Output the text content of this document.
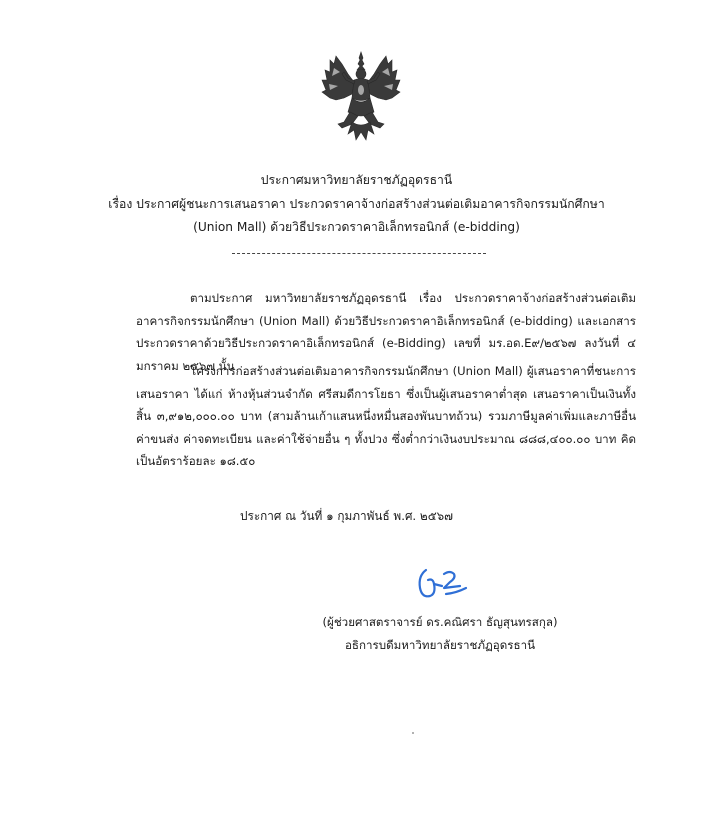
ประกาศมหาวิทยาลัยราชภัฏอุดรธานี
เรื่อง ประกาศผู้ชนะการเสนอราคา ประกวดราคาจ้างก่อสร้างส่วนต่อเติมอาคารกิจกรรมนักศึกษา
(Union Mall) ด้วยวิธีประกวดราคาอิเล็กทรอนิกส์ (e-bidding)
ตามประกาศ มหาวิทยาลัยราชภัฏอุดรธานี เรื่อง ประกวดราคาจ้างก่อสร้างส่วนต่อเติมอาคารกิจกรรมนักศึกษา (Union Mall) ด้วยวิธีประกวดราคาอิเล็กทรอนิกส์ (e-bidding) และเอกสารประกวดราคาด้วยวิธีประกวดราคาอิเล็กทรอนิกส์ (e-Bidding) เลขที่ มร.อด.E๙/๒๕๖๗ ลงวันที่ ๔ มกราคม ๒๕๖๗ นั้น
โครงการก่อสร้างส่วนต่อเติมอาคารกิจกรรมนักศึกษา (Union Mall) ผู้เสนอราคาที่ชนะการเสนอราคา ได้แก่ ห้างหุ้นส่วนจำกัด ศรีสมดีการโยธา ซึ่งเป็นผู้เสนอราคาต่ำสุด เสนอราคาเป็นเงินทั้งสิ้น ๓,๙๑๒,๐๐๐.๐๐ บาท (สามล้านเก้าแสนหนึ่งหมื่นสองพันบาทถ้วน) รวมภาษีมูลค่าเพิ่มและภาษีอื่น ค่าขนส่ง ค่าจดทะเบียน และค่าใช้จ่ายอื่น ๆ ทั้งปวง ซึ่งต่ำกว่าเงินงบประมาณ ๘๘๘,๔๐๐.๐๐ บาท คิดเป็นอัตราร้อยละ ๑๘.๕๐
ประกาศ ณ วันที่ ๑ กุมภาพันธ์ พ.ศ. ๒๕๖๗
(ผู้ช่วยศาสตราจารย์ ดร.คณิศรา ธัญสุนทรสกุล)
อธิการบดีมหาวิทยาลัยราชภัฏอุดรธานี
